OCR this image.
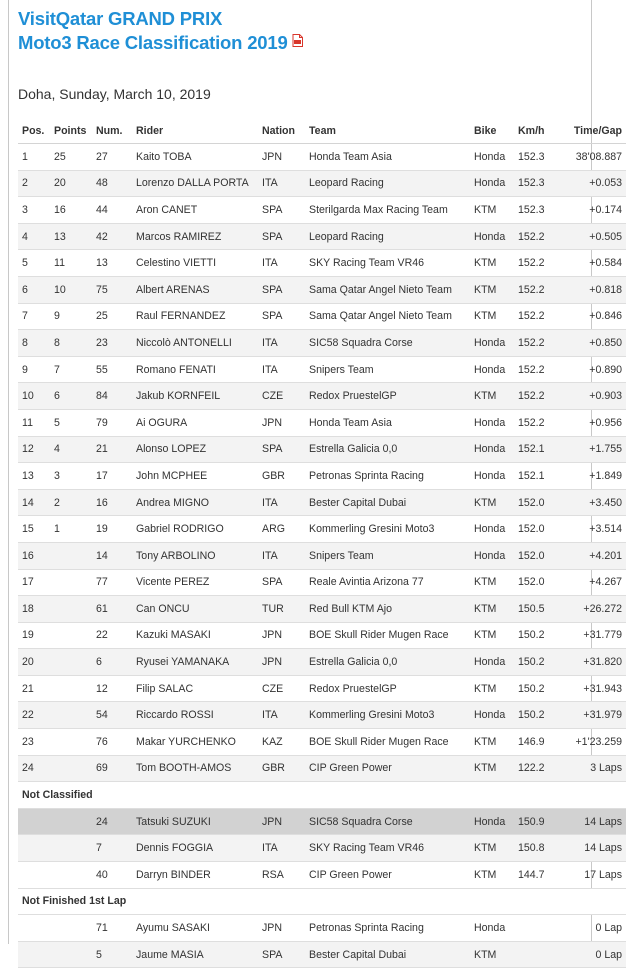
VisitQatar GRAND PRIX
Moto3 Race Classification 2019
Doha, Sunday, March 10, 2019
Pos.	Points	Num.	Rider	Nation	Team	Bike	Km/h	Time/Gap
1	25	27	Kaito TOBA	JPN	Honda Team Asia	Honda	152.3	38'08.887
2	20	48	Lorenzo DALLA PORTA	ITA	Leopard Racing	Honda	152.3	+0.053
3	16	44	Aron CANET	SPA	Sterilgarda Max Racing Team	KTM	152.3	+0.174
4	13	42	Marcos RAMIREZ	SPA	Leopard Racing	Honda	152.2	+0.505
5	11	13	Celestino VIETTI	ITA	SKY Racing Team VR46	KTM	152.2	+0.584
6	10	75	Albert ARENAS	SPA	Sama Qatar Angel Nieto Team	KTM	152.2	+0.818
7	9	25	Raul FERNANDEZ	SPA	Sama Qatar Angel Nieto Team	KTM	152.2	+0.846
8	8	23	Niccolò ANTONELLI	ITA	SIC58 Squadra Corse	Honda	152.2	+0.850
9	7	55	Romano FENATI	ITA	Snipers Team	Honda	152.2	+0.890
10	6	84	Jakub KORNFEIL	CZE	Redox PruestelGP	KTM	152.2	+0.903
11	5	79	Ai OGURA	JPN	Honda Team Asia	Honda	152.2	+0.956
12	4	21	Alonso LOPEZ	SPA	Estrella Galicia 0,0	Honda	152.1	+1.755
13	3	17	John MCPHEE	GBR	Petronas Sprinta Racing	Honda	152.1	+1.849
14	2	16	Andrea MIGNO	ITA	Bester Capital Dubai	KTM	152.0	+3.450
15	1	19	Gabriel RODRIGO	ARG	Kommerling Gresini Moto3	Honda	152.0	+3.514
16		14	Tony ARBOLINO	ITA	Snipers Team	Honda	152.0	+4.201
17		77	Vicente PEREZ	SPA	Reale Avintia Arizona 77	KTM	152.0	+4.267
18		61	Can ONCU	TUR	Red Bull KTM Ajo	KTM	150.5	+26.272
19		22	Kazuki MASAKI	JPN	BOE Skull Rider Mugen Race	KTM	150.2	+31.779
20		6	Ryusei YAMANAKA	JPN	Estrella Galicia 0,0	Honda	150.2	+31.820
21		12	Filip SALAC	CZE	Redox PruestelGP	KTM	150.2	+31.943
22		54	Riccardo ROSSI	ITA	Kommerling Gresini Moto3	Honda	150.2	+31.979
23		76	Makar YURCHENKO	KAZ	BOE Skull Rider Mugen Race	KTM	146.9	+1'23.259
24		69	Tom BOOTH-AMOS	GBR	CIP Green Power	KTM	122.2	3 Laps
Not Classified								
		24	Tatsuki SUZUKI	JPN	SIC58 Squadra Corse	Honda	150.9	14 Laps
		7	Dennis FOGGIA	ITA	SKY Racing Team VR46	KTM	150.8	14 Laps
		40	Darryn BINDER	RSA	CIP Green Power	KTM	144.7	17 Laps
Not Finished 1st Lap								
		71	Ayumu SASAKI	JPN	Petronas Sprinta Racing	Honda		0 Lap
		5	Jaume MASIA	SPA	Bester Capital Dubai	KTM		0 Lap
